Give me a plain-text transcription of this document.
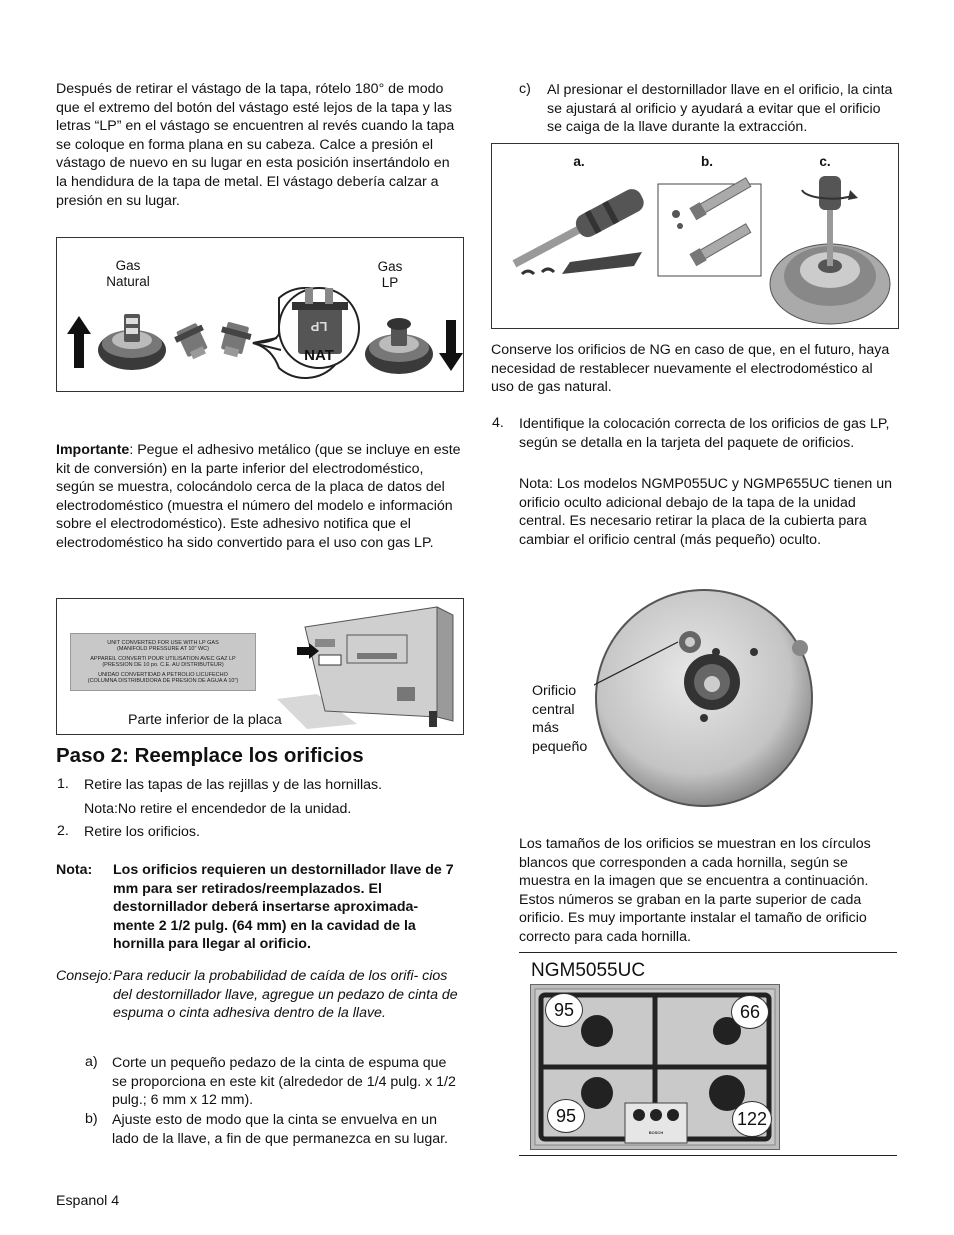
Después de retirar el vástago de la tapa, rótelo 180° de modo que el extremo del botón del vástago esté lejos de la tapa y las letras “LP” en el vástago se encuentren al revés cuando la tapa se coloque en forma plana en su cabeza. Calce a presión el vástago de nuevo en su lugar en esta posición insertándolo en la hendidura de la tapa de metal. El vástago debería calzar a presión en su lugar.
Gas
Natural
Gas
LP
LP
NAT
Importante: Pegue el adhesivo metálico (que se incluye en este kit de conversión) en la parte inferior del electrodoméstico, según se muestra, colocándolo cerca de la placa de datos del electrodoméstico (muestra el número del modelo e información sobre el electrodoméstico). Este adhesivo notifica que el electrodoméstico ha sido convertido para el uso con gas LP.
UNIT CONVERTED FOR USE WITH LP GAS
(MANIFOLD PRESSURE AT 10" WC)
APPAREIL CONVERTI POUR UTILISATION AVEC GAZ LP
(PRESSION DE 10 po. C.E. AU DISTRIBUTEUR)
UNIDAD CONVERTIDAD A PETROLIO LICUFECHO
(COLUMNA DISTRIBUIDORA DE PRESION DE AGUA A 10")
Parte inferior de la placa
Paso 2: Reemplace los orificios
1. Retire las tapas de las rejillas y de las hornillas.
Nota:No retire el encendedor de la unidad.
2. Retire los orificios.
Nota: Los orificios requieren un destornillador llave de 7 mm para ser retirados/reemplazados. El destornillador deberá insertarse aproximada- mente 2 1/2 pulg. (64 mm) en la cavidad de la hornilla para llegar al orificio.
Consejo: Para reducir la probabilidad de caída de los orifi- cios del destornillador llave, agregue un pedazo de cinta de espuma o cinta adhesiva dentro de la llave.
a) Corte un pequeño pedazo de la cinta de espuma que se proporciona en este kit (alrededor de 1/4 pulg. x 1/2 pulg.; 6 mm x 12 mm).
b) Ajuste esto de modo que la cinta se envuelva en un lado de la llave, a fin de que permanezca en su lugar.
Espanol 4
c) Al presionar el destornillador llave en el orificio, la cinta se ajustará al orificio y ayudará a evitar que el orificio se caiga de la llave durante la extracción.
a.	b.	c.
Conserve los orificios de NG en caso de que, en el futuro, haya necesidad de restablecer nuevamente el electrodoméstico al uso de gas natural.
4. Identifique la colocación correcta de los orificios de gas LP, según se detalla en la tarjeta del paquete de orificios.
Nota: Los modelos NGMP055UC y NGMP655UC tienen un orificio oculto adicional debajo de la tapa de la unidad central. Es necesario retirar la placa de la cubierta para cambiar el orificio central (más pequeño) oculto.
Orificio
central
más
pequeño
Los tamaños de los orificios se muestran en los círculos blancos que corresponden a cada hornilla, según se muestra en la imagen que se encuentra a continuación. Estos números se graban en la parte superior de cada orificio. Es muy importante instalar el tamaño de orificio correcto para cada hornilla.
NGM5055UC
BOSCH
95	66
95	122
